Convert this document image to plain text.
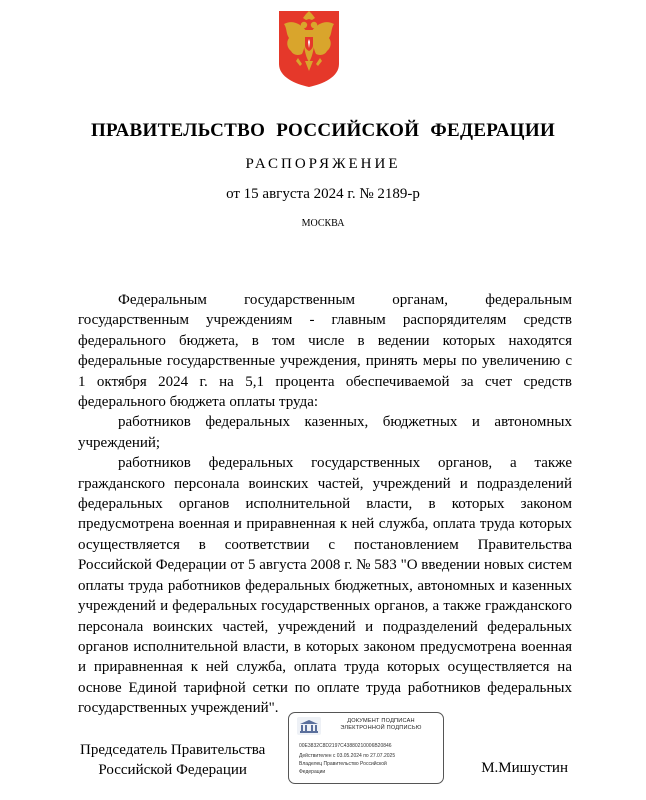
ПРАВИТЕЛЬСТВО РОССИЙСКОЙ ФЕДЕРАЦИИ
РАСПОРЯЖЕНИЕ
от 15 августа 2024 г. № 2189-р
МОСКВА

Федеральным государственным органам, федеральным государственным учреждениям - главным распорядителям средств федерального бюджета, в том числе в ведении которых находятся федеральные государственные учреждения, принять меры по увеличению с 1 октября 2024 г. на 5,1 процента обеспечиваемой за счет средств федерального бюджета оплаты труда:

работников федеральных казенных, бюджетных и автономных учреждений;

работников федеральных государственных органов, а также гражданского персонала воинских частей, учреждений и подразделений федеральных органов исполнительной власти, в которых законом предусмотрена военная и приравненная к ней служба, оплата труда которых осуществляется в соответствии с постановлением Правительства Российской Федерации от 5 августа 2008 г. № 583 "О введении новых систем оплаты труда работников федеральных бюджетных, автономных и казенных учреждений и федеральных государственных органов, а также гражданского персонала воинских частей, учреждений и подразделений федеральных органов исполнительной власти, в которых законом предусмотрена военная и приравненная к ней служба, оплата труда которых осуществляется на основе Единой тарифной сетки по оплате труда работников федеральных государственных учреждений".

Председатель Правительства
Российской Федерации
ДОКУМЕНТ ПОДПИСАН
ЭЛЕКТРОННОЙ ПОДПИСЬЮ
00E3832C8D2197C43880210006B20846
Действителен с 03.05.2024 по 27.07.2025
Владелец Правительство Российской
Федерации	М.Мишустин
